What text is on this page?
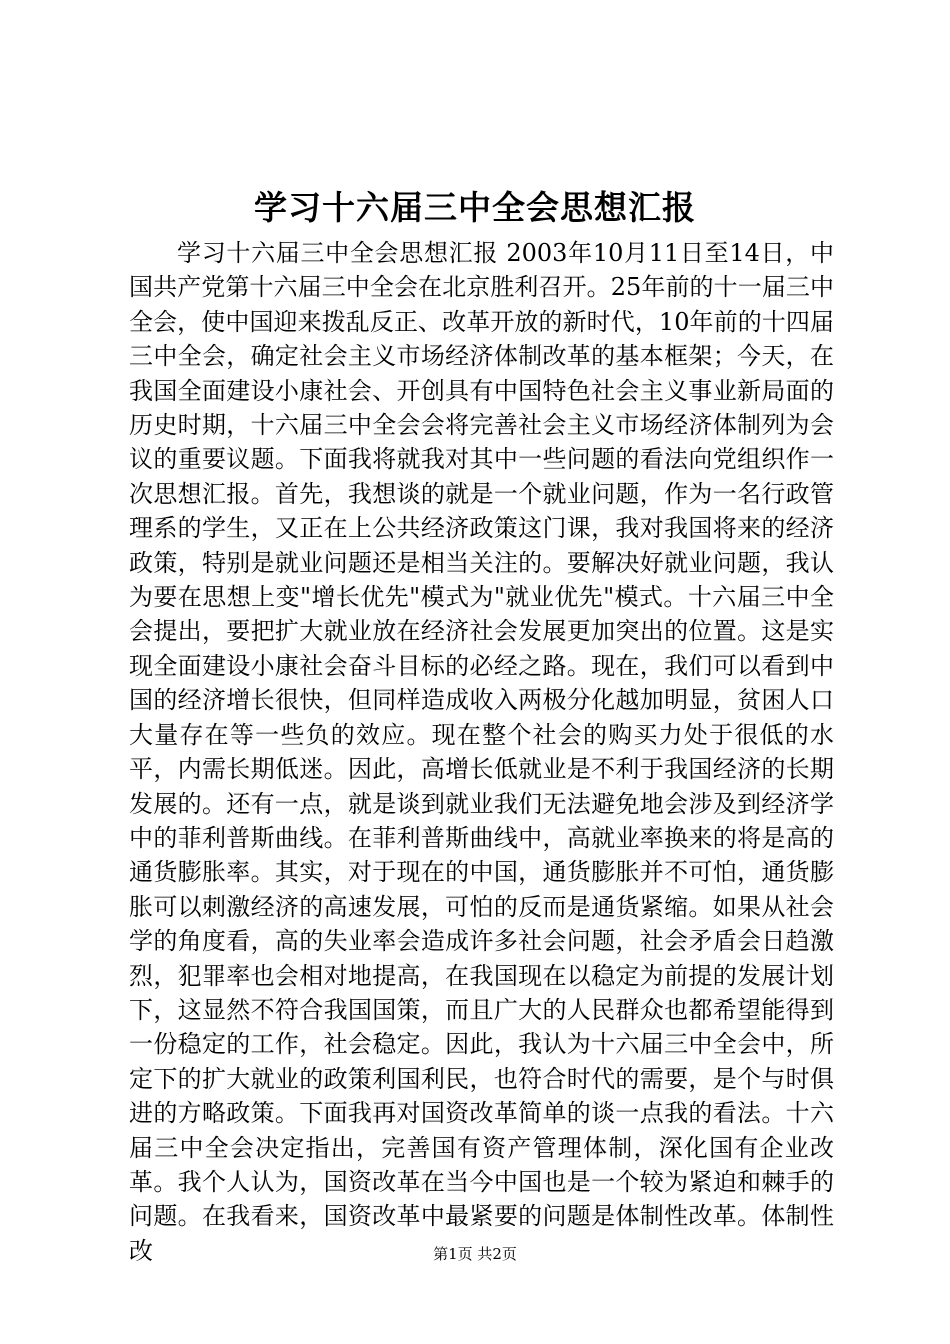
学习十六届三中全会思想汇报

学习十六届三中全会思想汇报 2003年10月11日至14日，中国共产党第十六届三中全会在北京胜利召开。25年前的十一届三中全会，使中国迎来拨乱反正、改革开放的新时代，10年前的十四届三中全会，确定社会主义市场经济体制改革的基本框架；今天，在我国全面建设小康社会、开创具有中国特色社会主义事业新局面的历史时期，十六届三中全会会将完善社会主义市场经济体制列为会议的重要议题。下面我将就我对其中一些问题的看法向党组织作一次思想汇报。首先，我想谈的就是一个就业问题，作为一名行政管理系的学生，又正在上公共经济政策这门课，我对我国将来的经济政策，特别是就业问题还是相当关注的。要解决好就业问题，我认为要在思想上变"增长优先"模式为"就业优先"模式。十六届三中全会提出，要把扩大就业放在经济社会发展更加突出的位置。这是实现全面建设小康社会奋斗目标的必经之路。现在，我们可以看到中国的经济增长很快，但同样造成收入两极分化越加明显，贫困人口大量存在等一些负的效应。现在整个社会的购买力处于很低的水平，内需长期低迷。因此，高增长低就业是不利于我国经济的长期发展的。还有一点，就是谈到就业我们无法避免地会涉及到经济学中的菲利普斯曲线。在菲利普斯曲线中，高就业率换来的将是高的通货膨胀率。其实，对于现在的中国，通货膨胀并不可怕，通货膨胀可以刺激经济的高速发展，可怕的反而是通货紧缩。如果从社会学的角度看，高的失业率会造成许多社会问题，社会矛盾会日趋激烈，犯罪率也会相对地提高，在我国现在以稳定为前提的发展计划下，这显然不符合我国国策，而且广大的人民群众也都希望能得到一份稳定的工作，社会稳定。因此，我认为十六届三中全会中，所定下的扩大就业的政策利国利民，也符合时代的需要，是个与时俱进的方略政策。下面我再对国资改革简单的谈一点我的看法。十六届三中全会决定指出，完善国有资产管理体制，深化国有企业改革。我个人认为，国资改革在当今中国也是一个较为紧迫和棘手的问题。在我看来，国资改革中最紧要的问题是体制性改革。体制性改	第1页 共2页
